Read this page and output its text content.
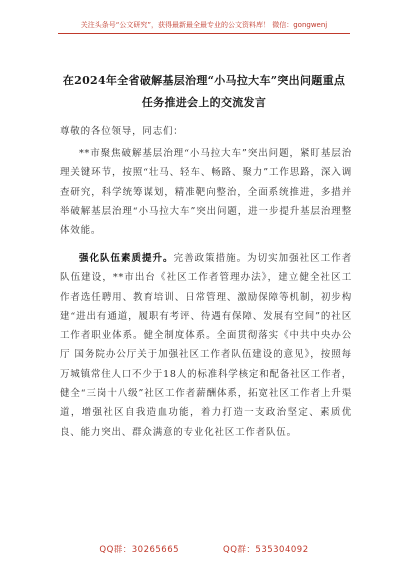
关注头条号“公文研究”，获得最新最全最专业的公文资料库！ 微信：gongwenj
在2024年全省破解基层治理“小马拉大车”突出问题重点
任务推进会上的交流发言
尊敬的各位领导，同志们：
**市聚焦破解基层治理“小马拉大车”突出问题，紧盯基层治理关键环节，按照“壮马、轻车、畅路、聚力”工作思路，深入调查研究，科学统筹谋划，精准靶向整治，全面系统推进，多措并举破解基层治理“小马拉大车”突出问题，进一步提升基层治理整体效能。
强化队伍素质提升。完善政策措施。为切实加强社区工作者队伍建设，**市出台《社区工作者管理办法》，建立健全社区工作者选任聘用、教育培训、日常管理、激励保障等机制，初步构建“进出有通道，履职有考评、待遇有保障、发展有空间”的社区工作者职业体系。健全制度体系。全面贯彻落实《中共中央办公厅 国务院办公厅关于加强社区工作者队伍建设的意见》，按照每万城镇常住人口不少于18人的标准科学核定和配备社区工作者，健全“三岗十八级”社区工作者薪酬体系，拓宽社区工作者上升渠道，增强社区自我造血功能，着力打造一支政治坚定、素质优良、能力突出、群众满意的专业化社区工作者队伍。
QQ群：30265665	QQ群：535304092
